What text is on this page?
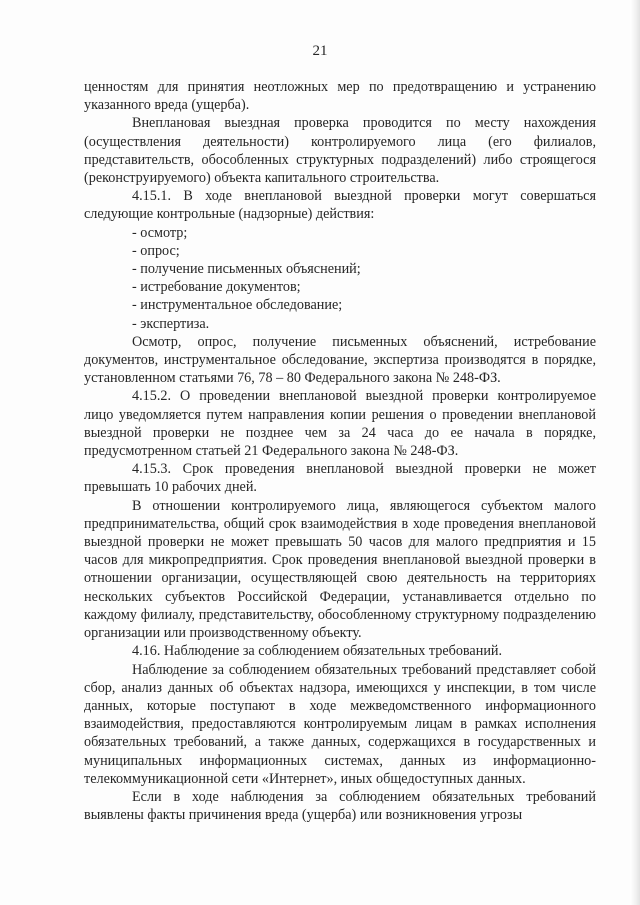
21

ценностям для принятия неотложных мер по предотвращению и устранению указанного вреда (ущерба).

Внеплановая выездная проверка проводится по месту нахождения (осуществления деятельности) контролируемого лица (его филиалов, представительств, обособленных структурных подразделений) либо строящегося (реконструируемого) объекта капитального строительства.

4.15.1. В ходе внеплановой выездной проверки могут совершаться следующие контрольные (надзорные) действия:

- осмотр;

- опрос;

- получение письменных объяснений;

- истребование документов;

- инструментальное обследование;

- экспертиза.

Осмотр, опрос, получение письменных объяснений, истребование документов, инструментальное обследование, экспертиза производятся в порядке, установленном статьями 76, 78 – 80 Федерального закона № 248-ФЗ.

4.15.2. О проведении внеплановой выездной проверки контролируемое лицо уведомляется путем направления копии решения о проведении внеплановой выездной проверки не позднее чем за 24 часа до ее начала в порядке, предусмотренном статьей 21 Федерального закона № 248-ФЗ.

4.15.3. Срок проведения внеплановой выездной проверки не может превышать 10 рабочих дней.

В отношении контролируемого лица, являющегося субъектом малого предпринимательства, общий срок взаимодействия в ходе проведения внеплановой выездной проверки не может превышать 50 часов для малого предприятия и 15 часов для микропредприятия. Срок проведения внеплановой выездной проверки в отношении организации, осуществляющей свою деятельность на территориях нескольких субъектов Российской Федерации, устанавливается отдельно по каждому филиалу, представительству, обособленному структурному подразделению организации или производственному объекту.

4.16. Наблюдение за соблюдением обязательных требований.

Наблюдение за соблюдением обязательных требований представляет собой сбор, анализ данных об объектах надзора, имеющихся у инспекции, в том числе данных, которые поступают в ходе межведомственного информационного взаимодействия, предоставляются контролируемым лицам в рамках исполнения обязательных требований, а также данных, содержащихся в государственных и муниципальных информационных системах, данных из информационно-телекоммуникационной сети «Интернет», иных общедоступных данных.

Если в ходе наблюдения за соблюдением обязательных требований выявлены факты причинения вреда (ущерба) или возникновения угрозы
